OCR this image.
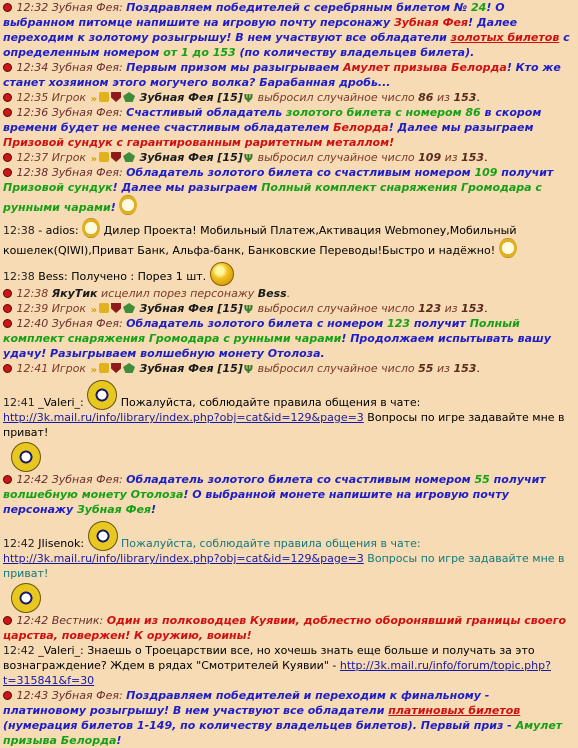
12:32 Зубная Фея: Поздравляем победителей с серебряным билетом № 24! О выбранном питомце напишите на игровую почту персонажу Зубная Фея! Далее переходим к золотому розыгрышу! В нем участвуют все обладатели золотых билетов с определенным номером от 1 до 153 (по количеству владельцев билета).

12:34 Зубная Фея: Первым призом мы разыгрываем Амулет призыва Белорда! Кто же станет хозяином этого могучего волка? Барабанная дробь...

12:35 Игрок »	Зубная Фея [15]Ψ выбросил случайное число 86 из 153.

12:36 Зубная Фея: Счастливый обладатель золотого билета с номером 86 в скором времени будет не менее счастливым обладателем Белорда! Далее мы разыграем Призовой сундук с гарантированным раритетным металлом!

12:37 Игрок »	Зубная Фея [15]Ψ выбросил случайное число 109 из 153.

12:38 Зубная Фея: Обладатель золотого билета со счастливым номером 109 получит Призовой сундук! Далее мы разыграем Полный комплект снаряжения Громодара с рунными чарами!

12:38 - adios:  Дилер Проекта! Мобильный Платеж,Активация Webmoney,Мобильный кошелек(QIWI),Приват Банк, Альфа-банк, Банковские Переводы!Быстро и надёжно!

12:38 Bess: Получено : Порез 1 шт.

12:38 ЯкуТик исцелил порез персонажу Bess.

12:39 Игрок »	Зубная Фея [15]Ψ выбросил случайное число 123 из 153.

12:40 Зубная Фея: Обладатель золотого билета с номером 123 получит Полный комплект снаряжения Громодара с рунными чарами! Продолжаем испытывать вашу удачу! Разыгрываем волшебную монету Отолоза.

12:41 Игрок »	Зубная Фея [15]Ψ выбросил случайное число 55 из 153.

12:41 _Valeri_:	Пожалуйста, соблюдайте правила общения в чате:
http://3k.mail.ru/info/library/index.php?obj=cat&id=129&page=3 Вопросы по игре задавайте мне в приват!

12:42 Зубная Фея: Обладатель золотого билета со счастливым номером 55 получит волшебную монету Отолоза! О выбранной монете напишите на игровую почту персонажу Зубная Фея!

12:42 JIisenok:	Пожалуйста, соблюдайте правила общения в чате:
http://3k.mail.ru/info/library/index.php?obj=cat&id=129&page=3 Вопросы по игре задавайте мне в приват!

12:42 Вестник: Один из полководцев Куявии, доблестно оборонявший границы своего царства, повержен! К оружию, воины!

12:42 _Valeri_: Знаешь о Троецарствии все, но хочешь знать еще больше и получать за это вознаграждение? Ждем в рядах "Смотрителей Куявии" - http://3k.mail.ru/info/forum/topic.php?t=315841&f=30

12:43 Зубная Фея: Поздравляем победителей и переходим к финальному - платиновому розыгрышу! В нем участвуют все обладатели платиновых билетов (нумерация билетов 1-149, по количеству владельцев билетов). Первый приз - Амулет призыва Белорда!
